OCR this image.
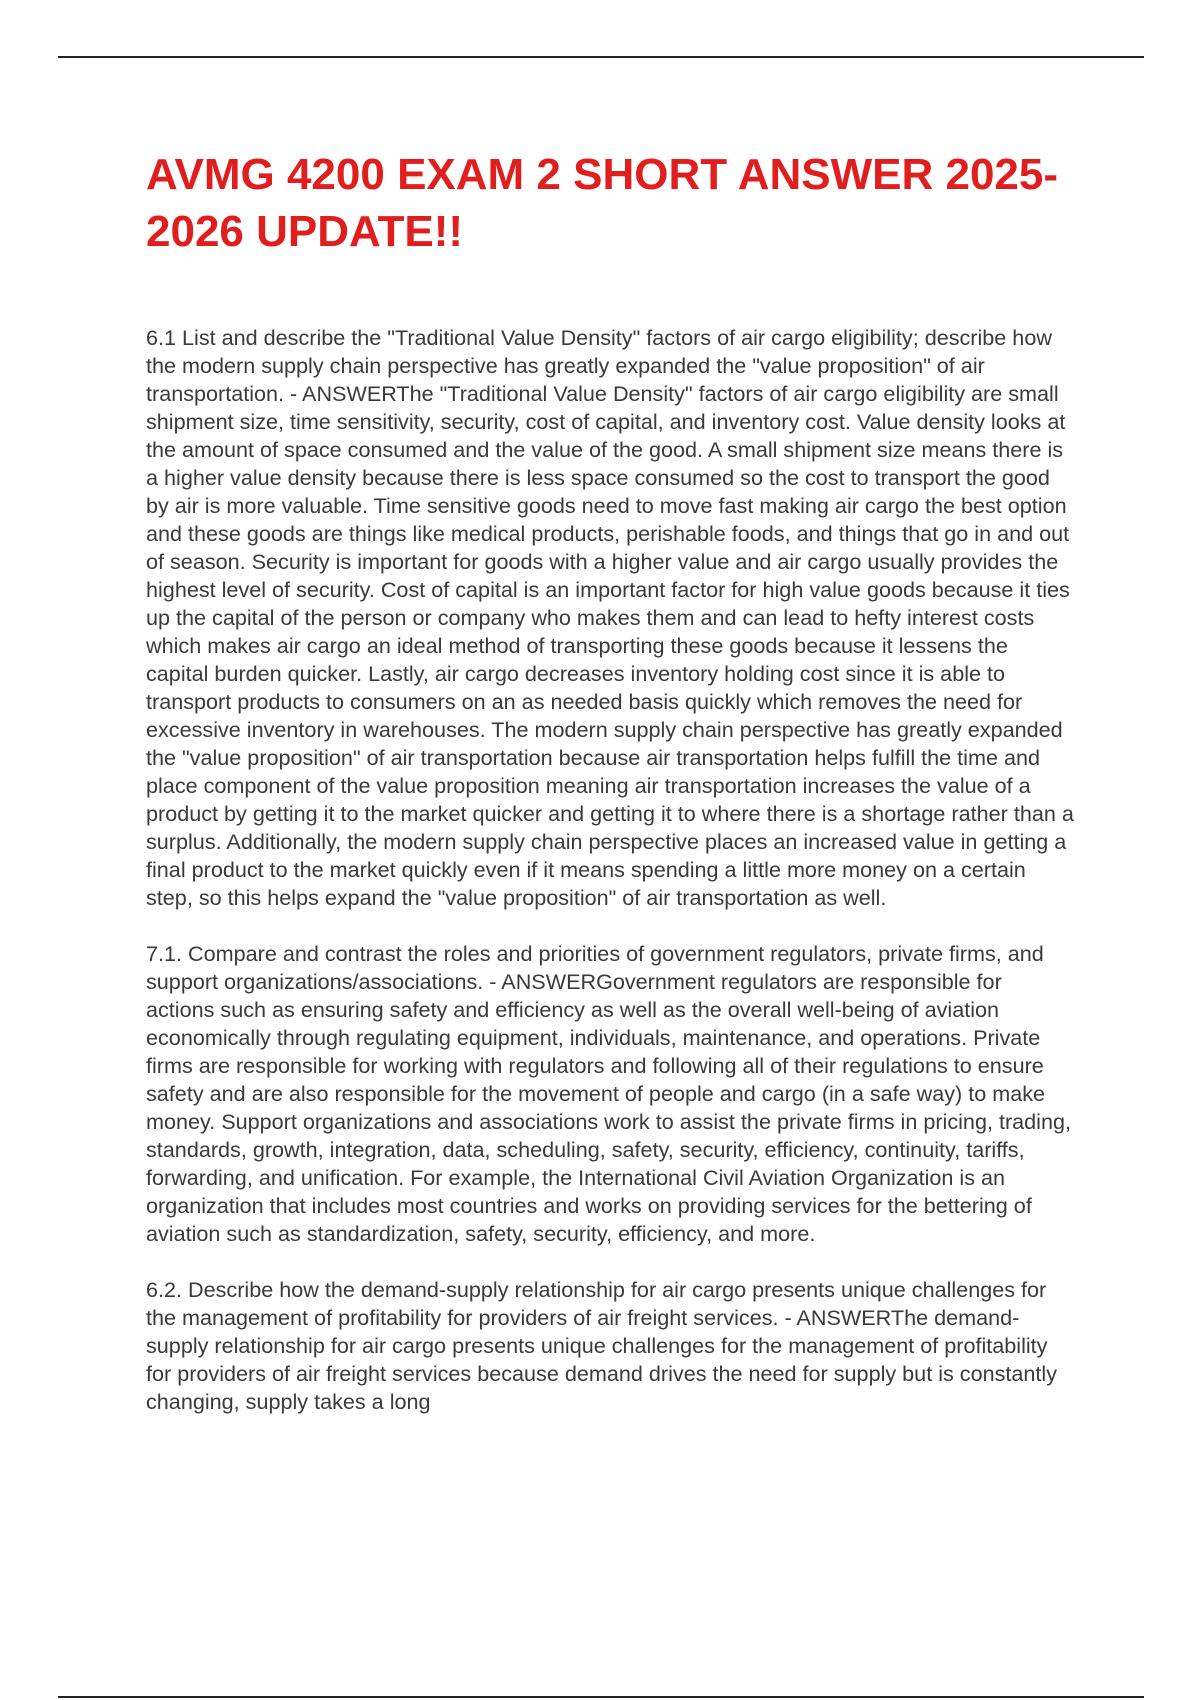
AVMG 4200 EXAM 2 SHORT ANSWER 2025-2026 UPDATE!!

6.1 List and describe the "Traditional Value Density" factors of air cargo eligibility; describe how the modern supply chain perspective has greatly expanded the "value proposition" of air transportation. - ANSWERThe "Traditional Value Density" factors of air cargo eligibility are small shipment size, time sensitivity, security, cost of capital, and inventory cost. Value density looks at the amount of space consumed and the value of the good. A small shipment size means there is a higher value density because there is less space consumed so the cost to transport the good by air is more valuable. Time sensitive goods need to move fast making air cargo the best option and these goods are things like medical products, perishable foods, and things that go in and out of season. Security is important for goods with a higher value and air cargo usually provides the highest level of security. Cost of capital is an important factor for high value goods because it ties up the capital of the person or company who makes them and can lead to hefty interest costs which makes air cargo an ideal method of transporting these goods because it lessens the capital burden quicker. Lastly, air cargo decreases inventory holding cost since it is able to transport products to consumers on an as needed basis quickly which removes the need for excessive inventory in warehouses. The modern supply chain perspective has greatly expanded the "value proposition" of air transportation because air transportation helps fulfill the time and place component of the value proposition meaning air transportation increases the value of a product by getting it to the market quicker and getting it to where there is a shortage rather than a surplus. Additionally, the modern supply chain perspective places an increased value in getting a final product to the market quickly even if it means spending a little more money on a certain step, so this helps expand the "value proposition" of air transportation as well.

7.1. Compare and contrast the roles and priorities of government regulators, private firms, and support organizations/associations. - ANSWERGovernment regulators are responsible for actions such as ensuring safety and efficiency as well as the overall well-being of aviation economically through regulating equipment, individuals, maintenance, and operations. Private firms are responsible for working with regulators and following all of their regulations to ensure safety and are also responsible for the movement of people and cargo (in a safe way) to make money. Support organizations and associations work to assist the private firms in pricing, trading, standards, growth, integration, data, scheduling, safety, security, efficiency, continuity, tariffs, forwarding, and unification. For example, the International Civil Aviation Organization is an organization that includes most countries and works on providing services for the bettering of aviation such as standardization, safety, security, efficiency, and more.

6.2. Describe how the demand-supply relationship for air cargo presents unique challenges for the management of profitability for providers of air freight services. - ANSWERThe demand-supply relationship for air cargo presents unique challenges for the management of profitability for providers of air freight services because demand drives the need for supply but is constantly changing, supply takes a long
